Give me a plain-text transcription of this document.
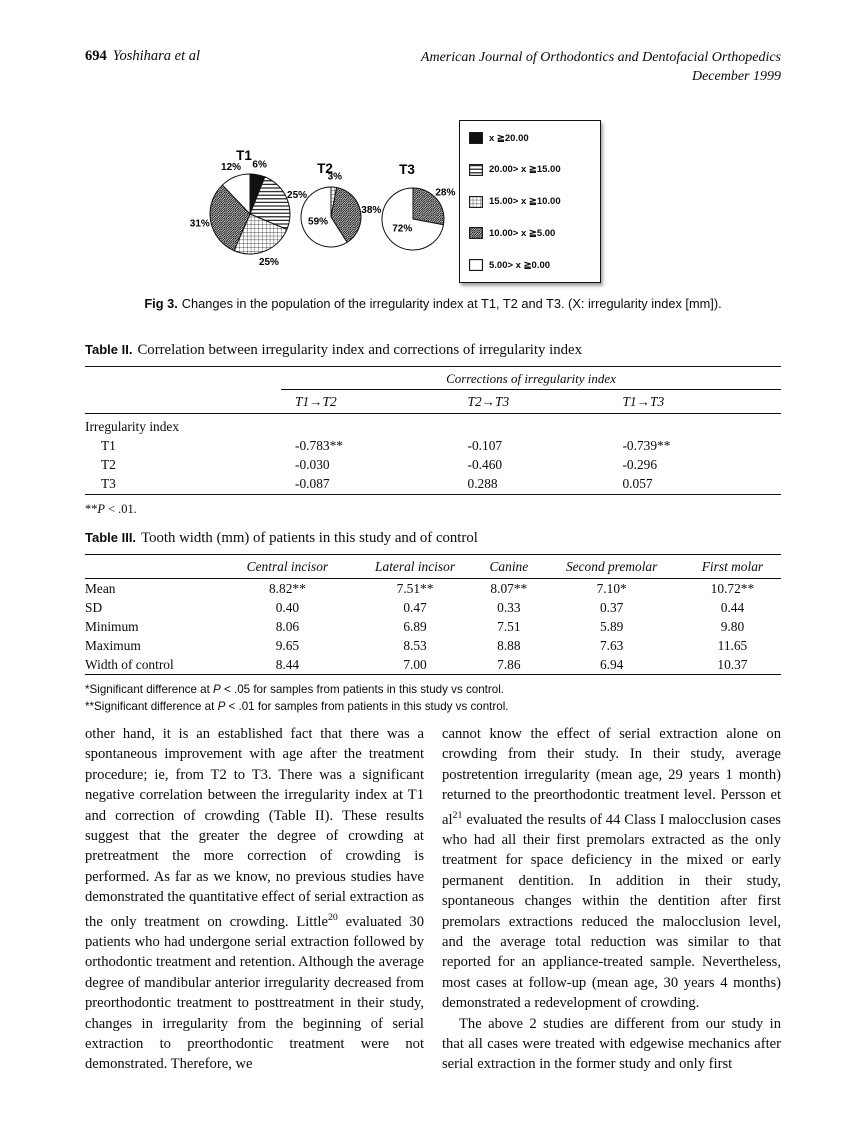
694 Yoshihara et al	American Journal of Orthodontics and Dentofacial Orthopedics
December 1999
6%
25%
25%
31%
12%
T1
3%
38%
59%
T2
28%
72%
T3
x ≧20.00
20.00> x ≧15.00
15.00> x ≧10.00
10.00> x ≧5.00
5.00> x ≧0.00

Fig 3. Changes in the population of the irregularity index at T1, T2 and T3. (X: irregularity index [mm]).

Table II. Correlation between irregularity index and corrections of irregularity index
	Corrections of irregularity index		
	T1→T2	T2→T3	T1→T3
Irregularity index			
T1	-0.783**	-0.107	-0.739**
T2	-0.030	-0.460	-0.296
T3	-0.087	0.288	0.057
**P < .01.
Table III. Tooth width (mm) of patients in this study and of control
	Central incisor	Lateral incisor	Canine	Second premolar	First molar
Mean	8.82**	7.51**	8.07**	7.10*	10.72**
SD	0.40	0.47	0.33	0.37	0.44
Minimum	8.06	6.89	7.51	5.89	9.80
Maximum	9.65	8.53	8.88	7.63	11.65
Width of control	8.44	7.00	7.86	6.94	10.37
*Significant difference at P < .05 for samples from patients in this study vs control.
**Significant difference at P < .01 for samples from patients in this study vs control.

other hand, it is an established fact that there was a spontaneous improvement with age after the treatment procedure; ie, from T2 to T3. There was a significant negative correlation between the irregularity index at T1 and correction of crowding (Table II). These results suggest that the greater the degree of crowding at pretreatment the more correction of crowding is performed. As far as we know, no previous studies have demonstrated the quantitative effect of serial extraction as the only treatment on crowding. Little$^{20}$ evaluated 30 patients who had undergone serial extraction followed by orthodontic treatment and retention. Although the average degree of mandibular anterior irregularity decreased from preorthodontic treatment to posttreatment in their study, changes in irregularity from the beginning of serial extraction to preorthodontic treatment were not demonstrated. Therefore, we

cannot know the effect of serial extraction alone on crowding from their study. In their study, average postretention irregularity (mean age, 29 years 1 month) returned to the preorthodontic treatment level. Persson et $al^{21}$ evaluated the results of 44 Class I malocclusion cases who had all their first premolars extracted as the only treatment for space deficiency in the mixed or early permanent dentition. In addition in their study, spontaneous changes within the dentition after first premolars extractions reduced the malocclusion level, and the average total reduction was similar to that reported for an appliance-treated sample. Nevertheless, most cases at follow-up (mean age, 30 years 4 months) demonstrated a redevelopment of crowding.

The above 2 studies are different from our study in that all cases were treated with edgewise mechanics after serial extraction in the former study and only first
